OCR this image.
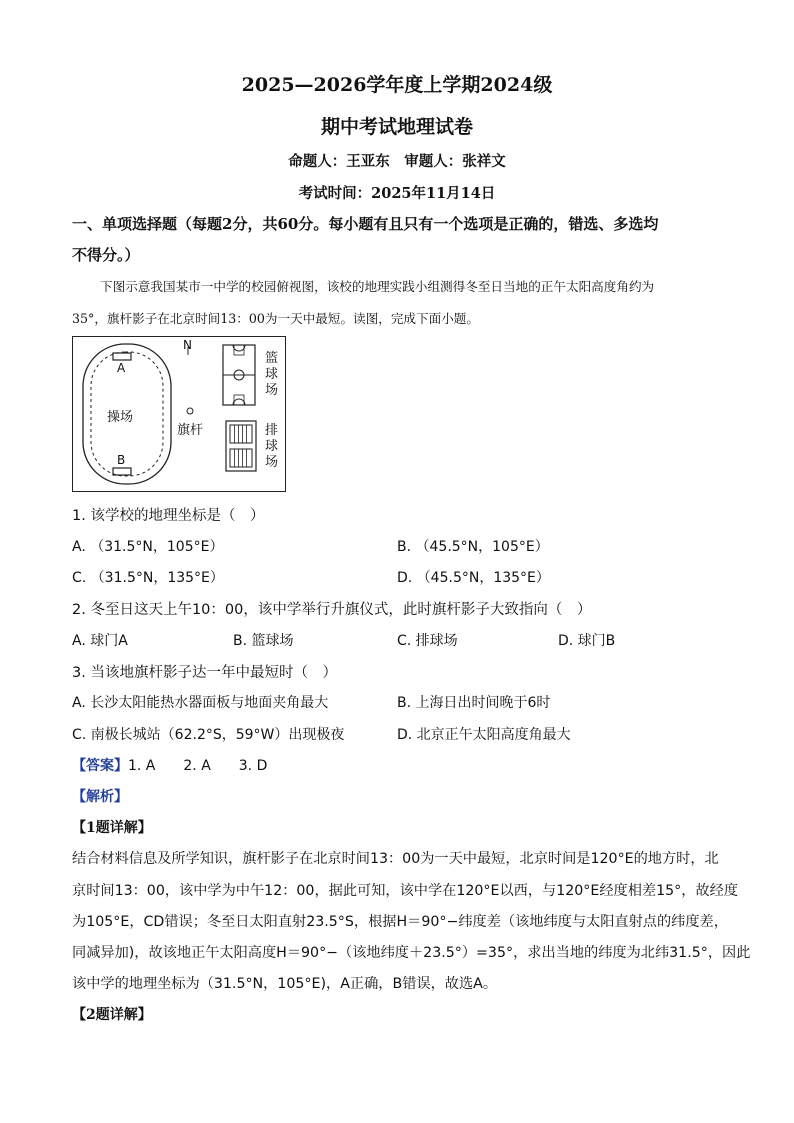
2025—2026学年度上学期2024级
期中考试地理试卷
命题人：王亚东　审题人：张祥文
考试时间：2025年11月14日
一、单项选择题（每题2分，共60分。每小题有且只有一个选项是正确的，错选、多选均
不得分。）
下图示意我国某市一中学的校园俯视图，该校的地理实践小组测得冬至日当地的正午太阳高度角约为
35°，旗杆影子在北京时间13：00为一天中最短。读图，完成下面小题。
N
A
B
操场
旗杆
篮球场
排球场
1. 该学校的地理坐标是（　）
A. （31.5°N，105°E）	B. （45.5°N，105°E）
C. （31.5°N，135°E）	D. （45.5°N，135°E）
2. 冬至日这天上午10：00，该中学举行升旗仪式，此时旗杆影子大致指向（　）
A. 球门A	B. 篮球场	C. 排球场	D. 球门B
3. 当该地旗杆影子达一年中最短时（　）
A. 长沙太阳能热水器面板与地面夹角最大	B. 上海日出时间晚于6时
C. 南极长城站（62.2°S，59°W）出现极夜	D. 北京正午太阳高度角最大
【答案】1. A　　2. A　　3. D
【解析】
【1题详解】
结合材料信息及所学知识，旗杆影子在北京时间13：00为一天中最短，北京时间是120°E的地方时，北
京时间13：00，该中学为中午12：00，据此可知，该中学在120°E以西，与120°E经度相差15°，故经度
为105°E，CD错误；冬至日太阳直射23.5°S，根据H＝90°−纬度差（该地纬度与太阳直射点的纬度差，
同减异加)，故该地正午太阳高度H＝90°−（该地纬度＋23.5°）=35°，求出当地的纬度为北纬31.5°，因此
该中学的地理坐标为（31.5°N，105°E)，A正确，B错误，故选A。
【2题详解】
